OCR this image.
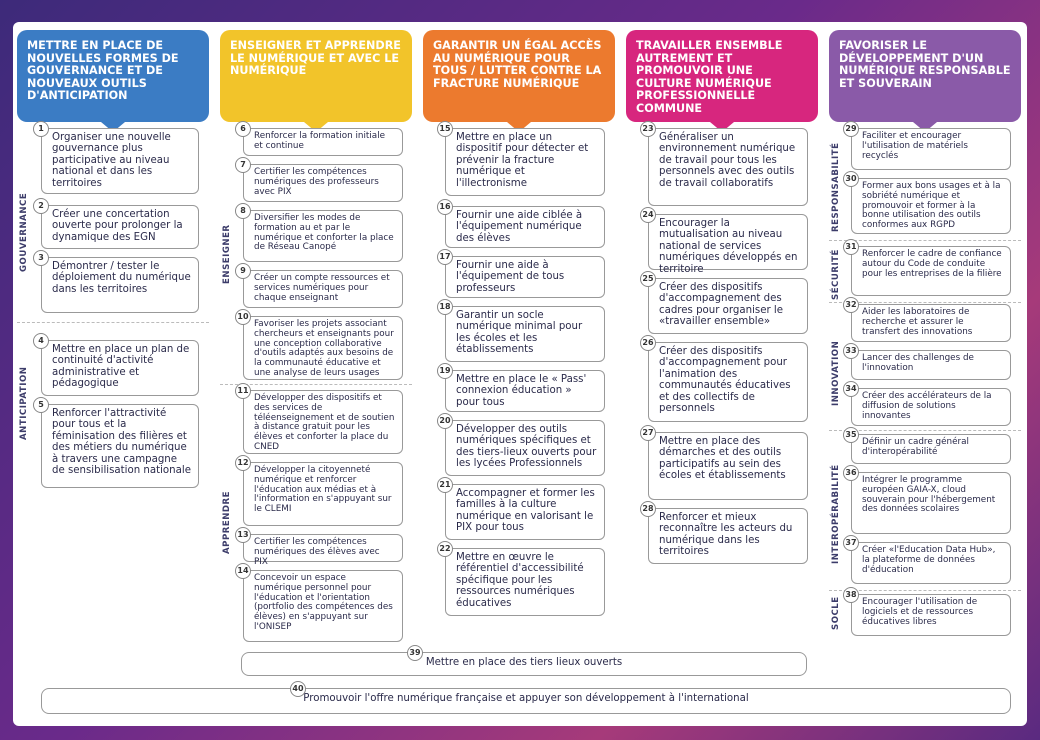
METTRE EN PLACE DE NOUVELLES FORMES DE GOUVERNANCE ET DE NOUVEAUX OUTILS D'ANTICIPATION
ENSEIGNER ET APPRENDRE LE NUMÉRIQUE ET AVEC LE NUMÉRIQUE
GARANTIR UN ÉGAL ACCÈS AU NUMÉRIQUE POUR TOUS / LUTTER CONTRE LA FRACTURE NUMÉRIQUE
TRAVAILLER ENSEMBLE AUTREMENT ET PROMOUVOIR UNE CULTURE NUMÉRIQUE PROFESSIONNELLE COMMUNE
FAVORISER LE DÉVELOPPEMENT D'UN NUMÉRIQUE RESPONSABLE ET SOUVERAIN
GOUVERNANCE
ANTICIPATION
1
Organiser une nouvelle gouvernance plus participative au niveau national et dans les territoires
2
Créer une concertation ouverte pour prolonger la dynamique des EGN
3
Démontrer / tester le déploiement du numérique dans les territoires
4
Mettre en place un plan de continuité d'activité administrative et pédagogique
5
Renforcer l'attractivité pour tous et la féminisation des filières et des métiers du numérique à travers une campagne de sensibilisation nationale
ENSEIGNER
APPRENDRE
6
Renforcer la formation initiale et continue
7
Certifier les compétences numériques des professeurs avec PIX
8
Diversifier les modes de formation au et par le numérique et conforter la place de Réseau Canopé
9
Créer un compte ressources et services numériques pour chaque enseignant
10
Favoriser les projets associant chercheurs et enseignants pour une conception collaborative d'outils adaptés aux besoins de la communauté éducative et une analyse de leurs usages
11
Développer des dispositifs et des services de téléenseignement et de soutien à distance gratuit pour les élèves et conforter la place du CNED
12
Développer la citoyenneté numérique et renforcer l'éducation aux médias et à l'information en s'appuyant sur le CLEMI
13
Certifier les compétences numériques des élèves avec PIX
14
Concevoir un espace numérique personnel pour l'éducation et l'orientation (portfolio des compétences des élèves) en s'appuyant sur l'ONISEP
15
Mettre en place un dispositif pour détecter et prévenir la fracture numérique et l'illectronisme
16
Fournir une aide ciblée à l'équipement numérique des élèves
17
Fournir une aide à l'équipement de tous professeurs
18
Garantir un socle numérique minimal pour les écoles et les établissements
19
Mettre en place le « Pass' connexion éducation » pour tous
20
Développer des outils numériques spécifiques et des tiers-lieux ouverts pour les lycées Professionnels
21
Accompagner et former les familles à la culture numérique en valorisant le PIX pour tous
22
Mettre en œuvre le référentiel d'accessibilité spécifique pour les ressources numériques éducatives
23
Généraliser un environnement numérique de travail pour tous les personnels avec des outils de travail collaboratifs
24
Encourager la mutualisation au niveau national de services numériques développés en territoire
25
Créer des dispositifs d'accompagnement des cadres pour organiser le «travailler ensemble»
26
Créer des dispositifs d'accompagnement pour l'animation des communautés éducatives et des collectifs de personnels
27
Mettre en place des démarches et des outils participatifs au sein des écoles et établissements
28
Renforcer et mieux reconnaître les acteurs du numérique dans les territoires
RESPONSABILITÉ
SÉCURITÉ
INNOVATION
INTEROPÉRABILITÉ
SOCLE
29
Faciliter et encourager l'utilisation de matériels recyclés
30
Former aux bons usages et à la sobriété numérique et promouvoir et former à la bonne utilisation des outils conformes aux RGPD
31
Renforcer le cadre de confiance autour du Code de conduite pour les entreprises de la filière
32
Aider les laboratoires de recherche et assurer le transfert des innovations
33
Lancer des challenges de l'innovation
34
Créer des accélérateurs de la diffusion de solutions innovantes
35
Définir un cadre général d'interopérabilité
36
Intégrer le programme européen GAIA-X, cloud souverain pour l'hébergement des données scolaires
37
Créer «l'Education Data Hub», la plateforme de données d'éducation
38
Encourager l'utilisation de logiciels et de ressources éducatives libres
39
Mettre en place des tiers lieux ouverts
40
Promouvoir l'offre numérique française et appuyer son développement à l'international
